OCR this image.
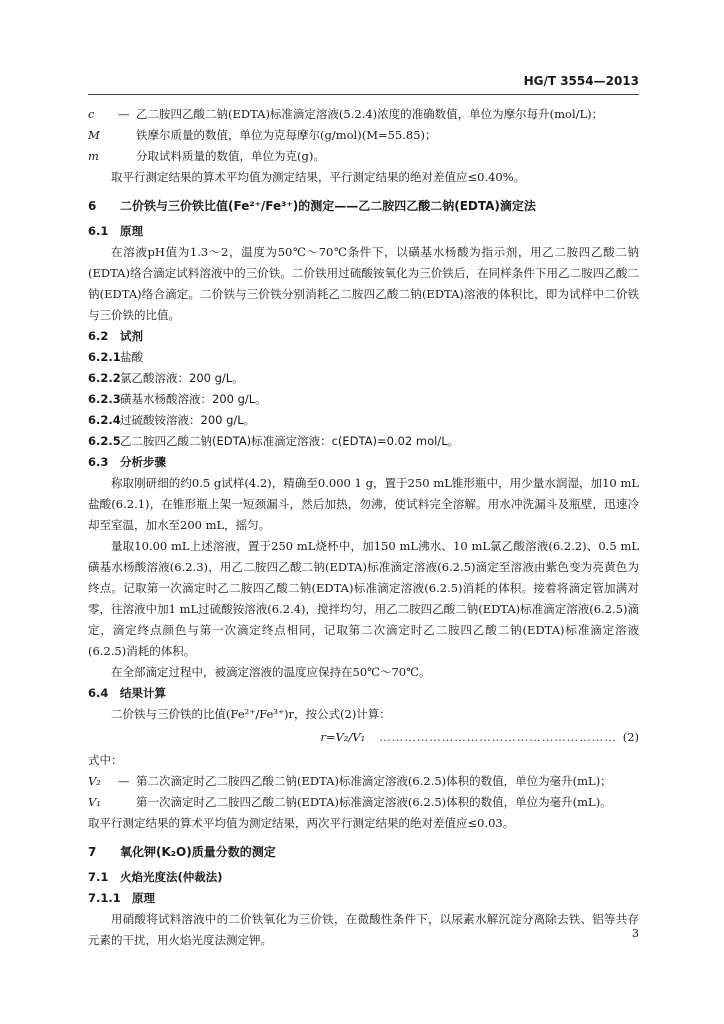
HG/T 3554—2013
c	— 乙二胺四乙酸二钠(EDTA)标准滴定溶液(5.2.4)浓度的准确数值，单位为摩尔每升(mol/L)；
M	铁摩尔质量的数值，单位为克每摩尔(g/mol)(M=55.85)；
m	分取试料质量的数值，单位为克(g)。

取平行测定结果的算术平均值为测定结果，平行测定结果的绝对差值应≤0.40%。

6 二价铁与三价铁比值(Fe²⁺/Fe³⁺)的测定——乙二胺四乙酸二钠(EDTA)滴定法
6.1 原理

在溶液pH值为1.3～2，温度为50℃～70℃条件下，以磺基水杨酸为指示剂，用乙二胺四乙酸二钠(EDTA)络合滴定试料溶液中的三价铁。二价铁用过硫酸铵氧化为三价铁后，在同样条件下用乙二胺四乙酸二钠(EDTA)络合滴定。二价铁与三价铁分别消耗乙二胺四乙酸二钠(EDTA)溶液的体积比，即为试样中二价铁与三价铁的比值。

6.2 试剂
6.2.1盐酸
6.2.2氯乙酸溶液：200 g/L。
6.2.3磺基水杨酸溶液：200 g/L。
6.2.4过硫酸铵溶液：200 g/L。
6.2.5乙二胺四乙酸二钠(EDTA)标准滴定溶液：c(EDTA)=0.02 mol/L。
6.3 分析步骤

称取刚研细的约0.5 g试样(4.2)，精确至0.000 1 g，置于250 mL锥形瓶中，用少量水润湿，加10 mL盐酸(6.2.1)，在锥形瓶上架一短颈漏斗，然后加热，勿沸，使试料完全溶解。用水冲洗漏斗及瓶壁，迅速冷却至室温，加水至200 mL，摇匀。

量取10.00 mL上述溶液，置于250 mL烧杯中，加150 mL沸水、10 mL氯乙酸溶液(6.2.2)、0.5 mL磺基水杨酸溶液(6.2.3)，用乙二胺四乙酸二钠(EDTA)标准滴定溶液(6.2.5)滴定至溶液由紫色变为亮黄色为终点。记取第一次滴定时乙二胺四乙酸二钠(EDTA)标准滴定溶液(6.2.5)消耗的体积。接着将滴定管加满对零，往溶液中加1 mL过硫酸铵溶液(6.2.4)，搅拌均匀，用乙二胺四乙酸二钠(EDTA)标准滴定溶液(6.2.5)滴定，滴定终点颜色与第一次滴定终点相同，记取第二次滴定时乙二胺四乙酸二钠(EDTA)标准滴定溶液(6.2.5)消耗的体积。

在全部滴定过程中，被滴定溶液的温度应保持在50℃～70℃。

6.4 结果计算

二价铁与三价铁的比值(Fe²⁺/Fe³⁺)r，按公式(2)计算：

r=V₂/V₁ ………………………………………………… (2)

式中：

V₂	— 第二次滴定时乙二胺四乙酸二钠(EDTA)标准滴定溶液(6.2.5)体积的数值，单位为毫升(mL)；
V₁	第一次滴定时乙二胺四乙酸二钠(EDTA)标准滴定溶液(6.2.5)体积的数值，单位为毫升(mL)。

取平行测定结果的算术平均值为测定结果，两次平行测定结果的绝对差值应≤0.03。

7 氧化钾(K₂O)质量分数的测定
7.1 火焰光度法(仲裁法)
7.1.1 原理

用硝酸将试料溶液中的二价铁氧化为三价铁，在微酸性条件下，以尿素水解沉淀分离除去铁、铝等共存元素的干扰，用火焰光度法测定钾。	3
